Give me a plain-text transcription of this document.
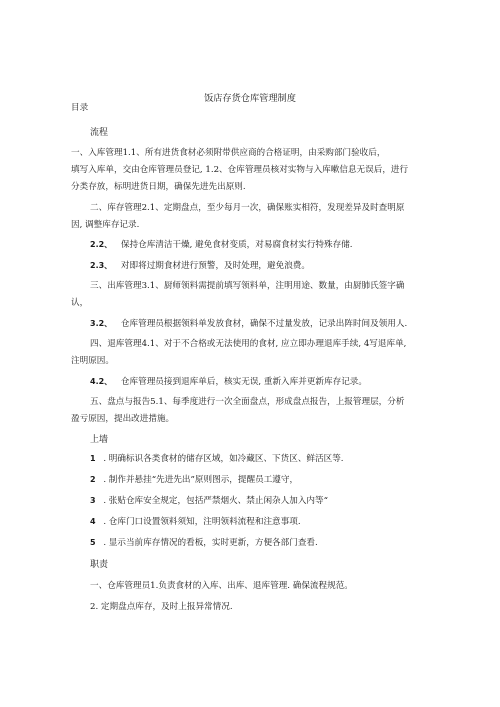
饭店存货仓库管理制度
目录
流程
一、入库管理1.1、所有进货食材必须附带供应商的合格证明，由采购部门验收后，
填写入库单，交由仓库管理员登记, 1.2、仓库管理员核对实物与入库嗽信息无误后，进行
分类存放，标明进货日期，确保先进先出原则.
二、库存管理2.1、定期盘点，至少每月一次，确保账实相符，发现差异及时查明原
因, 调整库存记录.
2.2、 保持仓库清洁干燥, 避免食材变质，对易腐食材实行特殊存储.
2.3、 对即将过期食材进行预警，及时处理，避免浪费。
三、出库管理3.1、厨师领料需提前填写领料单，注明用途、数量，由厨肺氏签字确
认，
3.2、 仓库管理员根据领料单发放食材，确保不过量发放，记录出阵时间及领用人.
四、退库管理4.1、对于不合格或无法使用的食材, 应立即办理退库手续, 4写退库单,
注明原因。
4.2、 仓库管理员接到退库单后，核实无误, 重新入库并更新库存记录。
五、盘点与报告5.1、每季度进行一次全面盘点，形成盘点报告，上报管理层，分析
盈亏原因，提出改进措施。
上墙
1 . 明确标识各类食材的储存区域，如冷藏区、下货区、鲜活区等.
2 . 制作并悬挂“先进先出”原则图示，提醒员工遵守，
3 . 张贴仓库安全规定，包括严禁烟火、禁止闲杂人加入内等“
4 . 仓库门口设置领料须知，注明领料流程和注意事项.
5 . 显示当前库存情况的看板，实时更新，方便各部门查看.
职责
一、仓库管理员1.负责食材的入库、出库、退库管理. 确保流程规范。
2. 定期盘点库存，及时上报异常情况.
